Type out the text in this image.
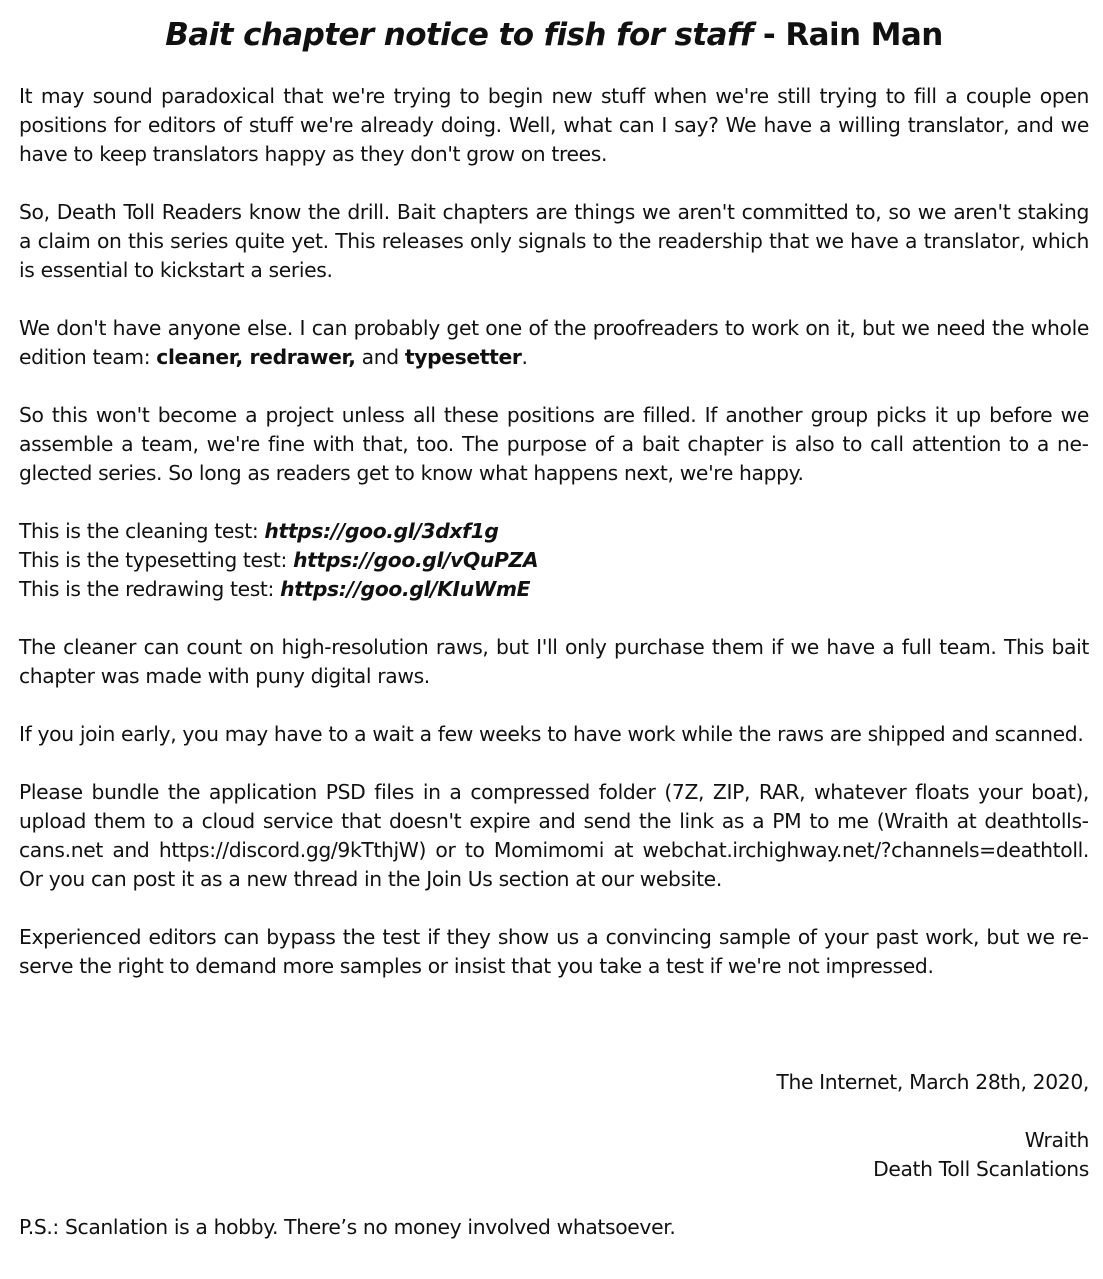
Bait chapter notice to fish for staff - Rain Man

It may sound paradoxical that we're trying to begin new stuff when we're still trying to fill a couple open positions for editors of stuff we're already doing. Well, what can I say? We have a willing translator, and we have to keep translators happy as they don't grow on trees.

So, Death Toll Readers know the drill. Bait chapters are things we aren't committed to, so we aren't staking a claim on this series quite yet. This releases only signals to the readership that we have a translator, which is essential to kickstart a series.

We don't have anyone else. I can probably get one of the proofreaders to work on it, but we need the whole edition team: cleaner, redrawer, and typesetter.

So this won't become a project unless all these positions are filled. If another group picks it up before we assemble a team, we're fine with that, too. The purpose of a bait chapter is also to call attention to a neglected series. So long as readers get to know what happens next, we're happy.

This is the cleaning test: https://goo.gl/3dxf1g
This is the typesetting test: https://goo.gl/vQuPZA
This is the redrawing test: https://goo.gl/KIuWmE

The cleaner can count on high-resolution raws, but I'll only purchase them if we have a full team. This bait chapter was made with puny digital raws.

If you join early, you may have to a wait a few weeks to have work while the raws are shipped and scanned.

Please bundle the application PSD files in a compressed folder (7Z, ZIP, RAR, whatever floats your boat), upload them to a cloud service that doesn't expire and send the link as a PM to me (Wraith at deathtollscans.net and https://discord.gg/9kTthjW) or to Momimomi at webchat.irchighway.net/?channels=deathtoll. Or you can post it as a new thread in the Join Us section at our website.

Experienced editors can bypass the test if they show us a convincing sample of your past work, but we reserve the right to demand more samples or insist that you take a test if we're not impressed.

The Internet, March 28th, 2020,

Wraith

Death Toll Scanlations

P.S.: Scanlation is a hobby. There’s no money involved whatsoever.
